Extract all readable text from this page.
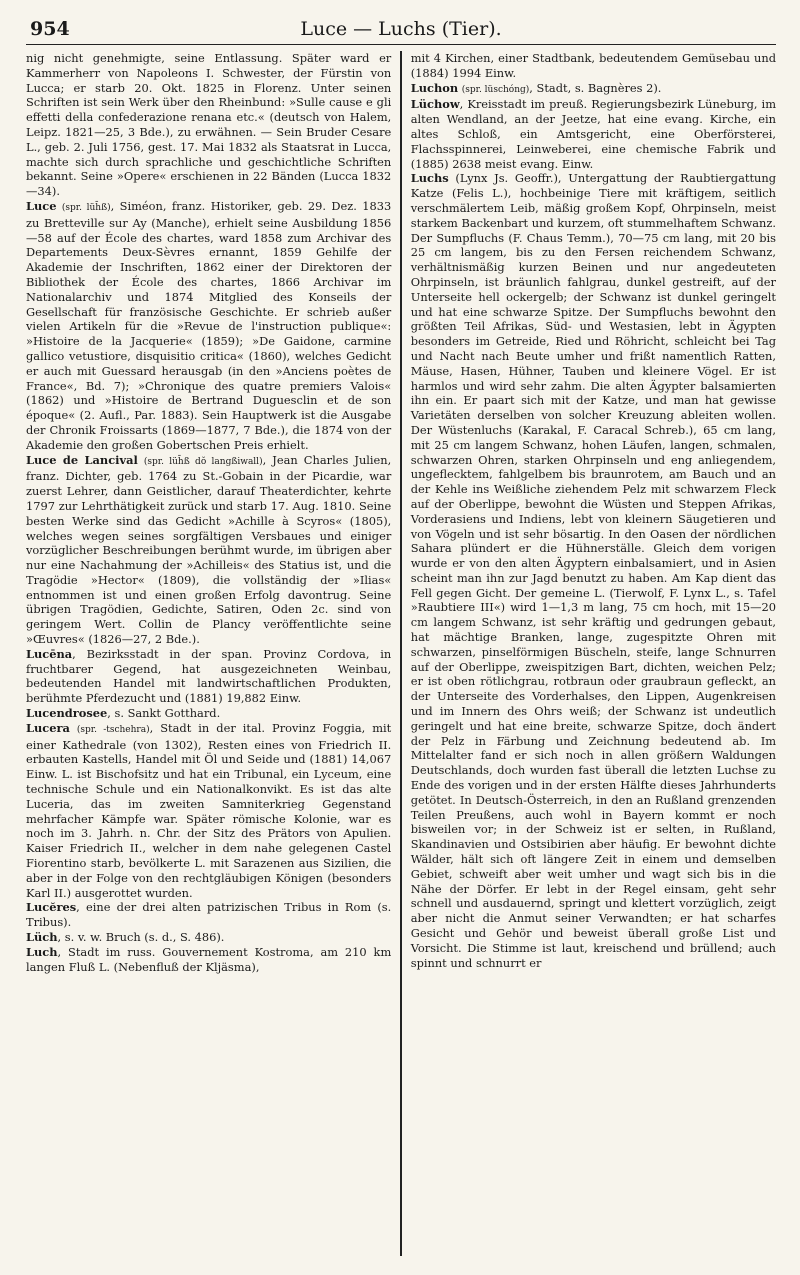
954	Luce — Luchs (Tier).

nig nicht genehmigte, seine Entlassung. Später ward er Kammerherr von Napoleons I. Schwester, der Fürstin von Lucca; er starb 20. Okt. 1825 in Florenz. Unter seinen Schriften ist sein Werk über den Rheinbund: »Sulle cause e gli effetti della confederazione renana etc.« (deutsch von Halem, Leipz. 1821—25, 3 Bde.), zu erwähnen. — Sein Bruder Cesare L., geb. 2. Juli 1756, gest. 17. Mai 1832 als Staatsrat in Lucca, machte sich durch sprachliche und geschichtliche Schriften bekannt. Seine »Opere« erschienen in 22 Bänden (Lucca 1832—34).

Luce (spr. lüh̄ß), Siméon, franz. Historiker, geb. 29. Dez. 1833 zu Bretteville sur Ay (Manche), erhielt seine Ausbildung 1856—58 auf der École des chartes, ward 1858 zum Archivar des Departements Deux-Sèvres ernannt, 1859 Gehilfe der Akademie der Inschriften, 1862 einer der Direktoren der Bibliothek der École des chartes, 1866 Archivar im Nationalarchiv und 1874 Mitglied des Konseils der Gesellschaft für französische Geschichte. Er schrieb außer vielen Artikeln für die »Revue de l'instruction publique«: »Histoire de la Jacquerie« (1859); »De Gaidone, carmine gallico vetustiore, disquisitio critica« (1860), welches Gedicht er auch mit Guessard herausgab (in den »Anciens poètes de France«, Bd. 7); »Chronique des quatre premiers Valois« (1862) und »Histoire de Bertrand Duguesclin et de son époque« (2. Aufl., Par. 1883). Sein Hauptwerk ist die Ausgabe der Chronik Froissarts (1869—1877, 7 Bde.), die 1874 von der Akademie den großen Gobertschen Preis erhielt.

Luce de Lancival (spr. lüh̄ß dŏ langßiwall), Jean Charles Julien, franz. Dichter, geb. 1764 zu St.-Gobain in der Picardie, war zuerst Lehrer, dann Geistlicher, darauf Theaterdichter, kehrte 1797 zur Lehrthätigkeit zurück und starb 17. Aug. 1810. Seine besten Werke sind das Gedicht »Achille à Scyros« (1805), welches wegen seines sorgfältigen Versbaues und einiger vorzüglicher Beschreibungen berühmt wurde, im übrigen aber nur eine Nachahmung der »Achilleis« des Statius ist, und die Tragödie »Hector« (1809), die vollständig der »Ilias« entnommen ist und einen großen Erfolg davontrug. Seine übrigen Tragödien, Gedichte, Satiren, Oden 2c. sind von geringem Wert. Collin de Plancy veröffentlichte seine »Œuvres« (1826—27, 2 Bde.).

Lucēna, Bezirksstadt in der span. Provinz Cordova, in fruchtbarer Gegend, hat ausgezeichneten Weinbau, bedeutenden Handel mit landwirtschaftlichen Produkten, berühmte Pferdezucht und (1881) 19,882 Einw.

Lucendrosee, s. Sankt Gotthard.

Lucera (spr. -tschehra), Stadt in der ital. Provinz Foggia, mit einer Kathedrale (von 1302), Resten eines von Friedrich II. erbauten Kastells, Handel mit Öl und Seide und (1881) 14,067 Einw. L. ist Bischofsitz und hat ein Tribunal, ein Lyceum, eine technische Schule und ein Nationalkonvikt. Es ist das alte Luceria, das im zweiten Samniterkrieg Gegenstand mehrfacher Kämpfe war. Später römische Kolonie, war es noch im 3. Jahrh. n. Chr. der Sitz des Prätors von Apulien. Kaiser Friedrich II., welcher in dem nahe gelegenen Castel Fiorentino starb, bevölkerte L. mit Sarazenen aus Sizilien, die aber in der Folge von den rechtgläubigen Königen (besonders Karl II.) ausgerottet wurden.

Lucĕres, eine der drei alten patrizischen Tribus in Rom (s. Tribus).

Lüch, s. v. w. Bruch (s. d., S. 486).

Luch, Stadt im russ. Gouvernement Kostroma, am 210 km langen Fluß L. (Nebenfluß der Kljäsma),

mit 4 Kirchen, einer Stadtbank, bedeutendem Gemüsebau und (1884) 1994 Einw.

Luchon (spr. lüschóng), Stadt, s. Bagnères 2).

Lüchow, Kreisstadt im preuß. Regierungsbezirk Lüneburg, im alten Wendland, an der Jeetze, hat eine evang. Kirche, ein altes Schloß, ein Amtsgericht, eine Oberförsterei, Flachsspinnerei, Leinweberei, eine chemische Fabrik und (1885) 2638 meist evang. Einw.

Luchs (Lynx Js. Geoffr.), Untergattung der Raubtiergattung Katze (Felis L.), hochbeinige Tiere mit kräftigem, seitlich verschmälertem Leib, mäßig großem Kopf, Ohrpinseln, meist starkem Backenbart und kurzem, oft stummelhaftem Schwanz. Der Sumpfluchs (F. Chaus Temm.), 70—75 cm lang, mit 20 bis 25 cm langem, bis zu den Fersen reichendem Schwanz, verhältnismäßig kurzen Beinen und nur angedeuteten Ohrpinseln, ist bräunlich fahlgrau, dunkel gestreift, auf der Unterseite hell ockergelb; der Schwanz ist dunkel geringelt und hat eine schwarze Spitze. Der Sumpfluchs bewohnt den größten Teil Afrikas, Süd- und Westasien, lebt in Ägypten besonders im Getreide, Ried und Röhricht, schleicht bei Tag und Nacht nach Beute umher und frißt namentlich Ratten, Mäuse, Hasen, Hühner, Tauben und kleinere Vögel. Er ist harmlos und wird sehr zahm. Die alten Ägypter balsamierten ihn ein. Er paart sich mit der Katze, und man hat gewisse Varietäten derselben von solcher Kreuzung ableiten wollen. Der Wüstenluchs (Karakal, F. Caracal Schreb.), 65 cm lang, mit 25 cm langem Schwanz, hohen Läufen, langen, schmalen, schwarzen Ohren, starken Ohrpinseln und eng anliegendem, ungeflecktem, fahlgelbem bis braunrotem, am Bauch und an der Kehle ins Weißliche ziehendem Pelz mit schwarzem Fleck auf der Oberlippe, bewohnt die Wüsten und Steppen Afrikas, Vorderasiens und Indiens, lebt von kleinern Säugetieren und von Vögeln und ist sehr bösartig. In den Oasen der nördlichen Sahara plündert er die Hühnerställe. Gleich dem vorigen wurde er von den alten Ägyptern einbalsamiert, und in Asien scheint man ihn zur Jagd benutzt zu haben. Am Kap dient das Fell gegen Gicht. Der gemeine L. (Tierwolf, F. Lynx L., s. Tafel »Raubtiere III«) wird 1—1,3 m lang, 75 cm hoch, mit 15—20 cm langem Schwanz, ist sehr kräftig und gedrungen gebaut, hat mächtige Branken, lange, zugespitzte Ohren mit schwarzen, pinselförmigen Büscheln, steife, lange Schnurren auf der Oberlippe, zweispitzigen Bart, dichten, weichen Pelz; er ist oben rötlichgrau, rotbraun oder graubraun gefleckt, an der Unterseite des Vorderhalses, den Lippen, Augenkreisen und im Innern des Ohrs weiß; der Schwanz ist undeutlich geringelt und hat eine breite, schwarze Spitze, doch ändert der Pelz in Färbung und Zeichnung bedeutend ab. Im Mittelalter fand er sich noch in allen größern Waldungen Deutschlands, doch wurden fast überall die letzten Luchse zu Ende des vorigen und in der ersten Hälfte dieses Jahrhunderts getötet. In Deutsch-Österreich, in den an Rußland grenzenden Teilen Preußens, auch wohl in Bayern kommt er noch bisweilen vor; in der Schweiz ist er selten, in Rußland, Skandinavien und Ostsibirien aber häufig. Er bewohnt dichte Wälder, hält sich oft längere Zeit in einem und demselben Gebiet, schweift aber weit umher und wagt sich bis in die Nähe der Dörfer. Er lebt in der Regel einsam, geht sehr schnell und ausdauernd, springt und klettert vorzüglich, zeigt aber nicht die Anmut seiner Verwandten; er hat scharfes Gesicht und Gehör und beweist überall große List und Vorsicht. Die Stimme ist laut, kreischend und brüllend; auch spinnt und schnurrt er
